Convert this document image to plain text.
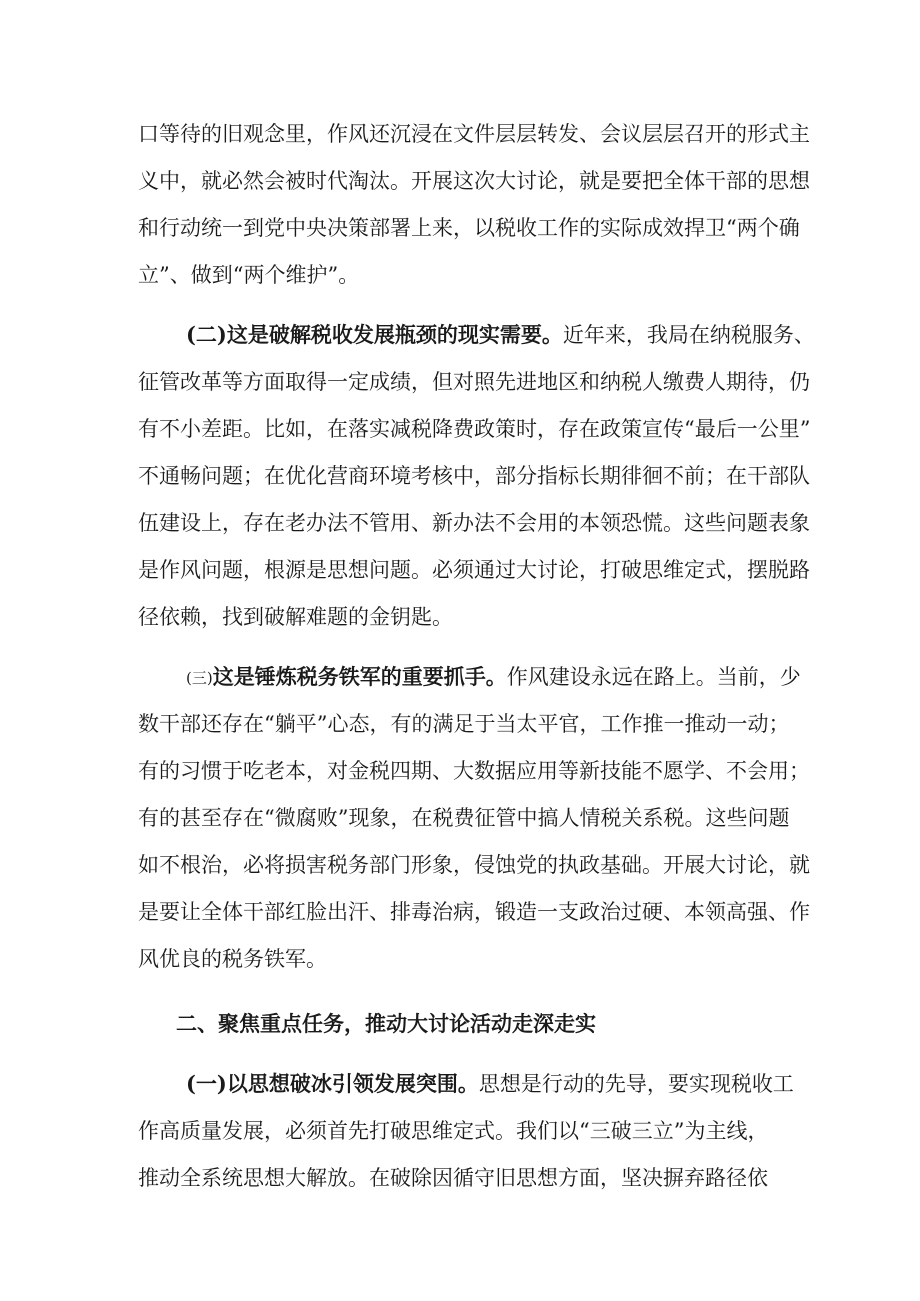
口等待的旧观念里，作风还沉浸在文件层层转发、会议层层召开的形式主
义中，就必然会被时代淘汰。开展这次大讨论，就是要把全体干部的思想
和行动统一到党中央决策部署上来，以税收工作的实际成效捍卫“两个确
立”、做到“两个维护”。
(二)这是破解税收发展瓶颈的现实需要。近年来，我局在纳税服务、
征管改革等方面取得一定成绩，但对照先进地区和纳税人缴费人期待，仍
有不小差距。比如，在落实减税降费政策时，存在政策宣传“最后一公里”
不通畅问题；在优化营商环境考核中，部分指标长期徘徊不前；在干部队
伍建设上，存在老办法不管用、新办法不会用的本领恐慌。这些问题表象
是作风问题，根源是思想问题。必须通过大讨论，打破思维定式，摆脱路
径依赖，找到破解难题的金钥匙。
(三)这是锤炼税务铁军的重要抓手。作风建设永远在路上。当前，少
数干部还存在“躺平”心态，有的满足于当太平官，工作推一推动一动；
有的习惯于吃老本，对金税四期、大数据应用等新技能不愿学、不会用；
有的甚至存在“微腐败”现象，在税费征管中搞人情税关系税。这些问题
如不根治，必将损害税务部门形象，侵蚀党的执政基础。开展大讨论，就
是要让全体干部红脸出汗、排毒治病，锻造一支政治过硬、本领高强、作
风优良的税务铁军。
二、聚焦重点任务，推动大讨论活动走深走实
(一)以思想破冰引领发展突围。思想是行动的先导，要实现税收工
作高质量发展，必须首先打破思维定式。我们以“三破三立”为主线，
推动全系统思想大解放。在破除因循守旧思想方面，坚决摒弃路径依
